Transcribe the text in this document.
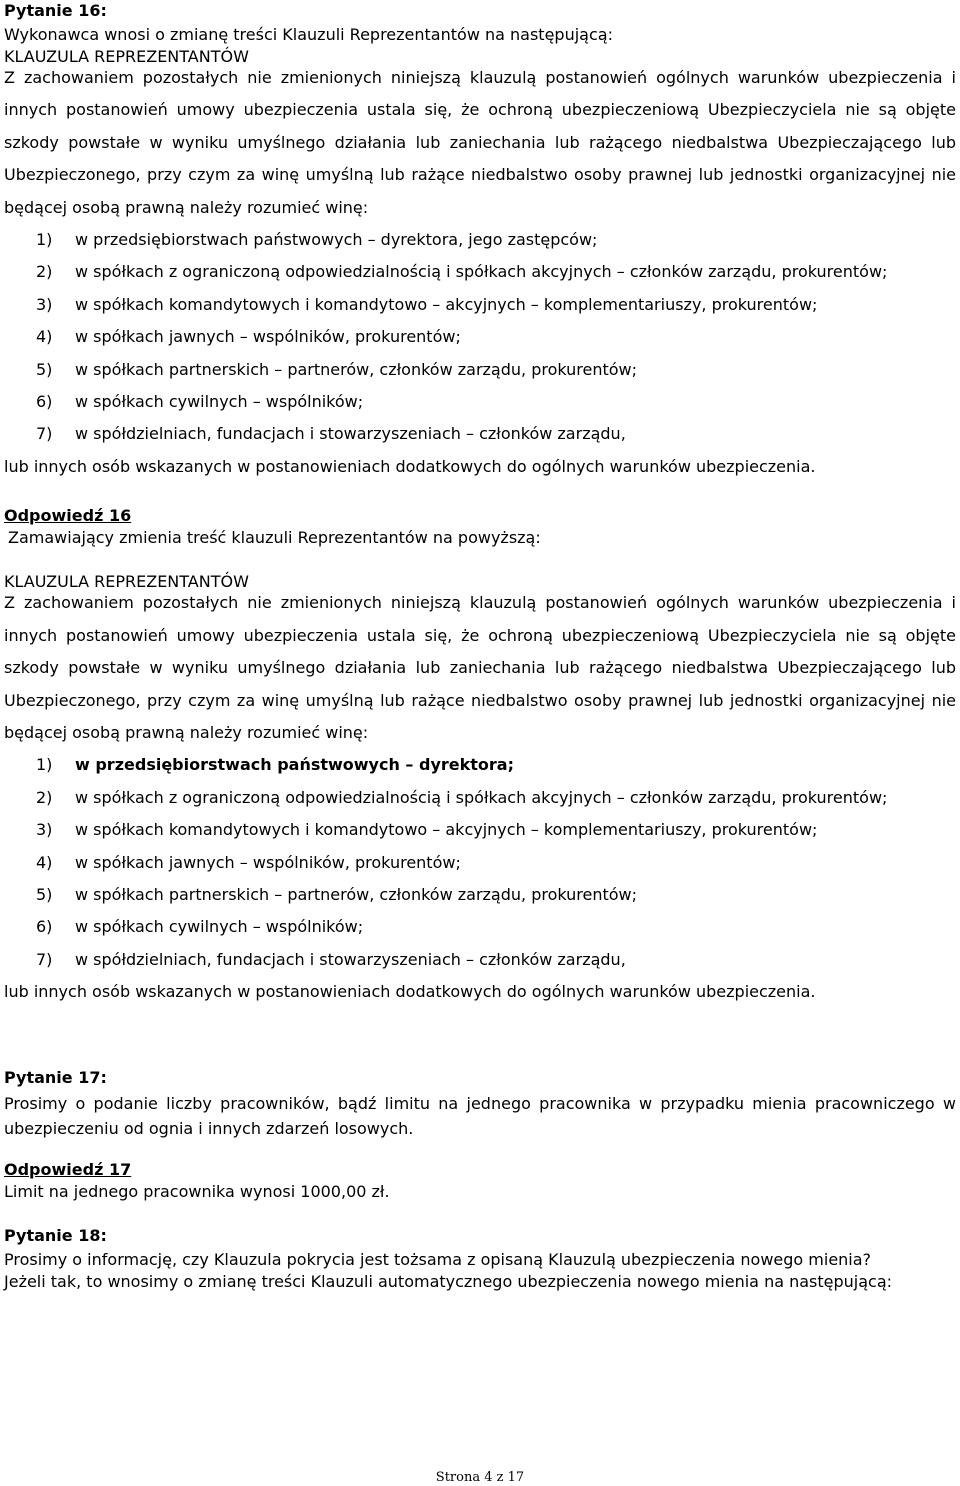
Pytanie 16:

Wykonawca wnosi o zmianę treści Klauzuli Reprezentantów na następującą:

KLAUZULA REPREZENTANTÓW

Z zachowaniem pozostałych nie zmienionych niniejszą klauzulą postanowień ogólnych warunków ubezpieczenia i innych postanowień umowy ubezpieczenia ustala się, że ochroną ubezpieczeniową Ubezpieczyciela nie są objęte szkody powstałe w wyniku umyślnego działania lub zaniechania lub rażącego niedbalstwa Ubezpieczającego lub Ubezpieczonego, przy czym za winę umyślną lub rażące niedbalstwo osoby prawnej lub jednostki organizacyjnej nie będącej osobą prawną należy rozumieć winę:

1) w przedsiębiorstwach państwowych – dyrektora, jego zastępców;
2) w spółkach z ograniczoną odpowiedzialnością i spółkach akcyjnych – członków zarządu, prokurentów;
3) w spółkach komandytowych i komandytowo – akcyjnych – komplementariuszy, prokurentów;
4) w spółkach jawnych – wspólników, prokurentów;
5) w spółkach partnerskich – partnerów, członków zarządu, prokurentów;
6) w spółkach cywilnych – wspólników;
7) w spółdzielniach, fundacjach i stowarzyszeniach – członków zarządu,

lub innych osób wskazanych w postanowieniach dodatkowych do ogólnych warunków ubezpieczenia.

Odpowiedź 16

Zamawiający zmienia treść klauzuli Reprezentantów na powyższą:

KLAUZULA REPREZENTANTÓW

Z zachowaniem pozostałych nie zmienionych niniejszą klauzulą postanowień ogólnych warunków ubezpieczenia i innych postanowień umowy ubezpieczenia ustala się, że ochroną ubezpieczeniową Ubezpieczyciela nie są objęte szkody powstałe w wyniku umyślnego działania lub zaniechania lub rażącego niedbalstwa Ubezpieczającego lub Ubezpieczonego, przy czym za winę umyślną lub rażące niedbalstwo osoby prawnej lub jednostki organizacyjnej nie będącej osobą prawną należy rozumieć winę:

1) w przedsiębiorstwach państwowych – dyrektora;
2) w spółkach z ograniczoną odpowiedzialnością i spółkach akcyjnych – członków zarządu, prokurentów;
3) w spółkach komandytowych i komandytowo – akcyjnych – komplementariuszy, prokurentów;
4) w spółkach jawnych – wspólników, prokurentów;
5) w spółkach partnerskich – partnerów, członków zarządu, prokurentów;
6) w spółkach cywilnych – wspólników;
7) w spółdzielniach, fundacjach i stowarzyszeniach – członków zarządu,

lub innych osób wskazanych w postanowieniach dodatkowych do ogólnych warunków ubezpieczenia.

Pytanie 17:

Prosimy o podanie liczby pracowników, bądź limitu na jednego pracownika w przypadku mienia pracowniczego w ubezpieczeniu od ognia i innych zdarzeń losowych.

Odpowiedź 17

Limit na jednego pracownika wynosi 1000,00 zł.

Pytanie 18:

Prosimy o informację, czy Klauzula pokrycia jest tożsama z opisaną Klauzulą ubezpieczenia nowego mienia?

Jeżeli tak, to wnosimy o zmianę treści Klauzuli automatycznego ubezpieczenia nowego mienia na następującą:

Strona 4 z 17
